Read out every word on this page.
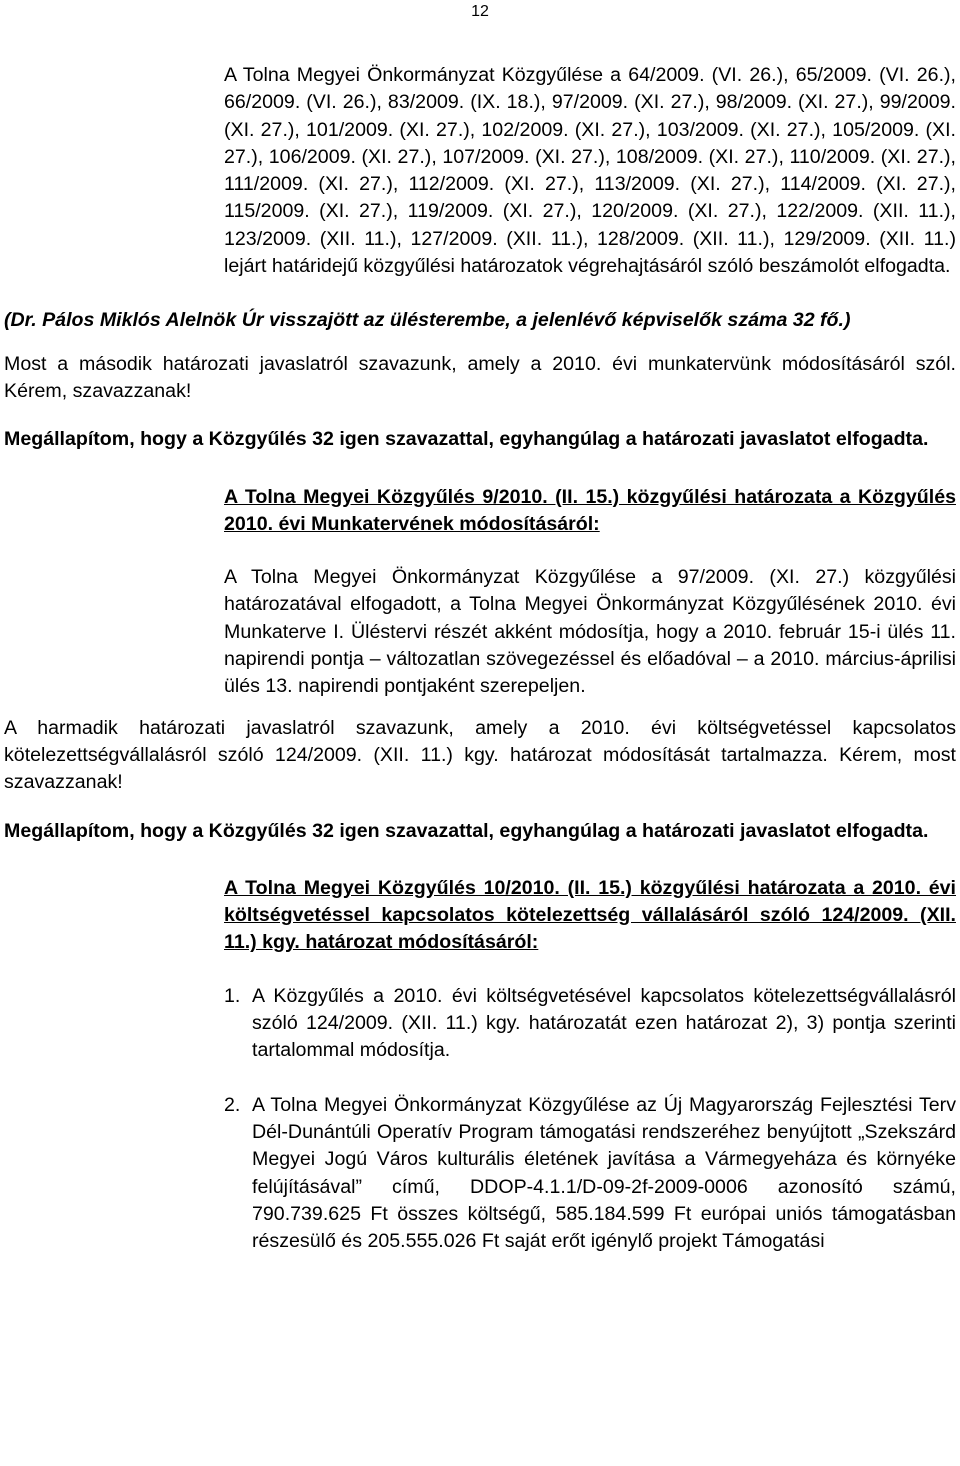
12

A Tolna Megyei Önkormányzat Közgyűlése a 64/2009. (VI. 26.), 65/2009. (VI. 26.), 66/2009. (VI. 26.), 83/2009. (IX. 18.), 97/2009. (XI. 27.), 98/2009. (XI. 27.), 99/2009. (XI. 27.), 101/2009. (XI. 27.), 102/2009. (XI. 27.), 103/2009. (XI. 27.), 105/2009. (XI. 27.), 106/2009. (XI. 27.), 107/2009. (XI. 27.), 108/2009. (XI. 27.), 110/2009. (XI. 27.), 111/2009. (XI. 27.), 112/2009. (XI. 27.), 113/2009. (XI. 27.), 114/2009. (XI. 27.), 115/2009. (XI. 27.), 119/2009. (XI. 27.), 120/2009. (XI. 27.), 122/2009. (XII. 11.), 123/2009. (XII. 11.), 127/2009. (XII. 11.), 128/2009. (XII. 11.), 129/2009. (XII. 11.) lejárt határidejű közgyűlési határozatok végrehajtásáról szóló beszámolót elfogadta.

(Dr. Pálos Miklós Alelnök Úr visszajött az ülésterembe, a jelenlévő képviselők száma 32 fő.)

Most a második határozati javaslatról szavazunk, amely a 2010. évi munkatervünk módosításáról szól. Kérem, szavazzanak!

Megállapítom, hogy a Közgyűlés 32 igen szavazattal, egyhangúlag a határozati javaslatot elfogadta.

A Tolna Megyei Közgyűlés 9/2010. (II. 15.) közgyűlési határozata a Közgyűlés 2010. évi Munkatervének módosításáról:

A Tolna Megyei Önkormányzat Közgyűlése a 97/2009. (XI. 27.) közgyűlési határozatával elfogadott, a Tolna Megyei Önkormányzat Közgyűlésének 2010. évi Munkaterve I. Üléstervi részét akként módosítja, hogy a 2010. február 15-i ülés 11. napirendi pontja – változatlan szövegezéssel és előadóval – a 2010. március-áprilisi ülés 13. napirendi pontjaként szerepeljen.

A harmadik határozati javaslatról szavazunk, amely a 2010. évi költségvetéssel kapcsolatos kötelezettségvállalásról szóló 124/2009. (XII. 11.) kgy. határozat módosítását tartalmazza. Kérem, most szavazzanak!

Megállapítom, hogy a Közgyűlés 32 igen szavazattal, egyhangúlag a határozati javaslatot elfogadta.

A Tolna Megyei Közgyűlés 10/2010. (II. 15.) közgyűlési határozata a 2010. évi költségvetéssel kapcsolatos kötelezettség vállalásáról szóló 124/2009. (XII. 11.) kgy. határozat módosításáról:

1. A Közgyűlés a 2010. évi költségvetésével kapcsolatos kötelezettségvállalásról szóló 124/2009. (XII. 11.) kgy. határozatát ezen határozat 2), 3) pontja szerinti tartalommal módosítja.
2. A Tolna Megyei Önkormányzat Közgyűlése az Új Magyarország Fejlesztési Terv Dél-Dunántúli Operatív Program támogatási rendszeréhez benyújtott „Szekszárd Megyei Jogú Város kulturális életének javítása a Vármegyeháza és környéke felújításával” című, DDOP-4.1.1/D-09-2f-2009-0006 azonosító számú, 790.739.625 Ft összes költségű, 585.184.599 Ft európai uniós támogatásban részesülő és 205.555.026 Ft saját erőt igénylő projekt Támogatási
